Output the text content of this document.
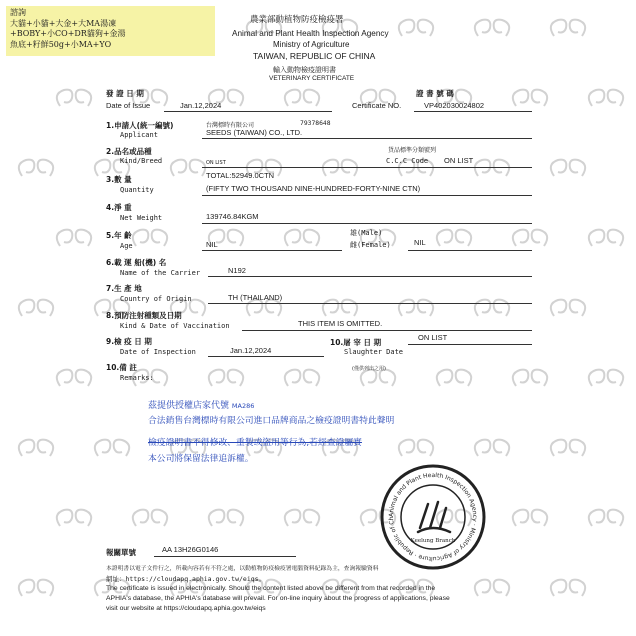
諮詢
大貓+小貓+大金+大MA湯凍
+BOBY+小CO+DR貓狗+金湯
魚底+籽鮮50g+小MA+YO
農業部動植物防疫檢疫署
Animal and Plant Health Inspection Agency
Ministry of Agriculture
TAIWAN, REPUBLIC OF CHINA
輸入動物檢疫證明書
VETERINARY CERTIFICATE
發 證 日 期
Date of Issue	Jan.12,2024
證 書 號 碼
Certificate NO.	VP402030024802
1.申請人(統一編號)
Applicant
台灣標時有限公司	79378648
SEEDS (TAIWAN) CO., LTD.
2.品名或品種
Kind/Breed	ON LIST
貨品標準分類號列
C.C.C Code ON LIST
3.數 量
Quantity
TOTAL:52949.0CTN
(FIFTY TWO THOUSAND NINE-HUNDRED-FORTY-NINE CTN)
4.淨 重
Net Weight	139746.84KGM
5.年 齡
Age	NIL
雄(Male)
雌(Female)	NIL
6.載 運 船(機) 名
Name of the Carrier	N192
7.生 產 地
Country of Origin	TH (THAILAND)
8.預防注射種類及日期
Kind & Date of Vaccination	THIS ITEM IS OMITTED.
9.檢 疫 日 期
Date of Inspection	Jan.12,2024
10.屠 宰 日 期
Slaughter Date
ON LIST
10.備 註
Remarks:
(僅供列出之用)
茲提供授權店家代號 MA286
合法銷售台灣標時有限公司進口品牌商品之檢疫證明書特此聲明
檢疫證明書不得修改、重製或盜用等行為,若經查證屬實
本公司將保留法律追訴權。
Animal and Plant Health Inspection Agency · Ministry of Agriculture · Republic of Ch
Keelung Branch
報關單號	AA 13H26G0146
本證明書以電子文件行之，所載內容若有不符之處，以動植物防疫檢疫署電腦資料紀錄為主，查詢報驗資料
網址：https://cloudapq.aphia.gov.tw/eiqs。
The certificate is issued in electronically. Should the content listed above be different from that recorded in the
APHIA's database, the APHIA's database will prevail. For on-line inquiry about the progress of applications, please
visit our website at https://cloudapq.aphia.gov.tw/eiqs
